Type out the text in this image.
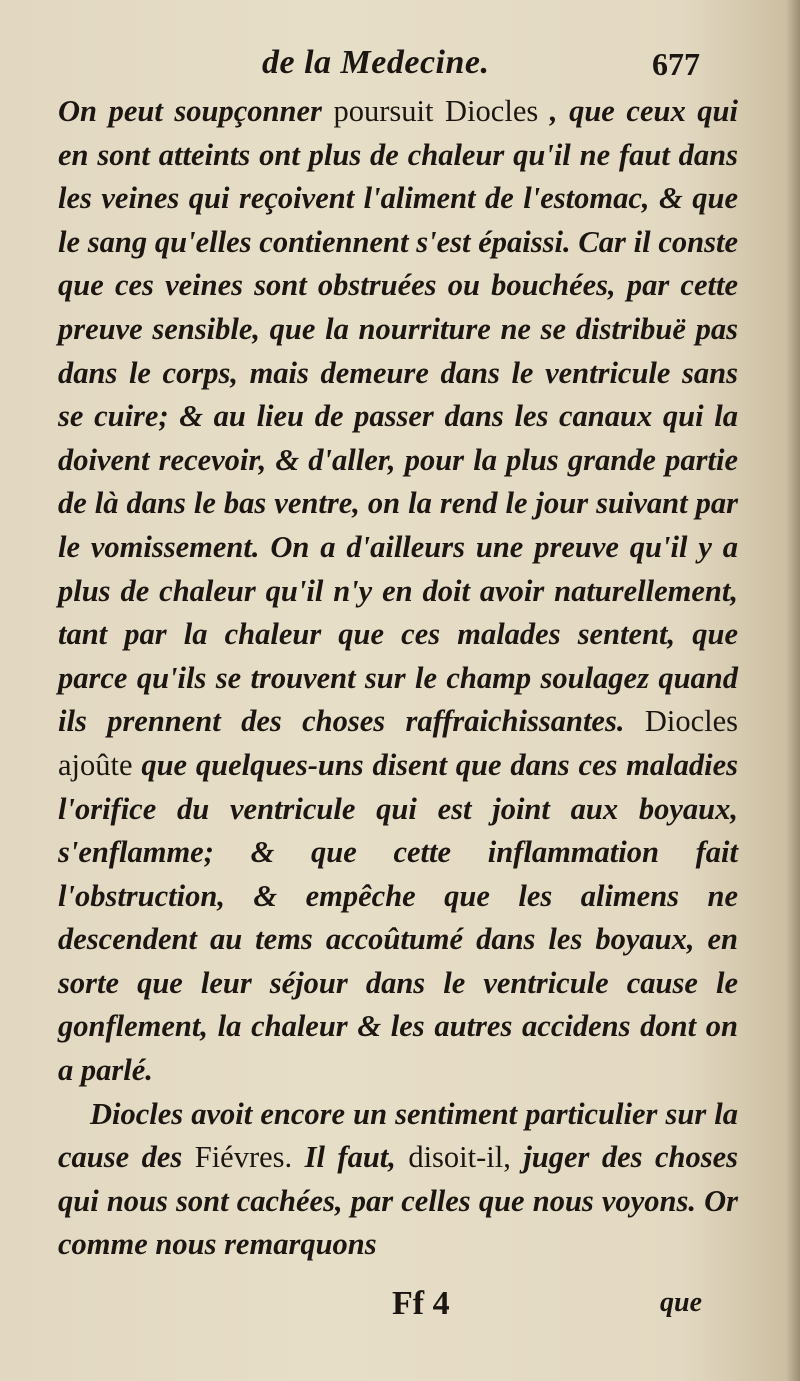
de la Medecine.	677

On peut soupçonner poursuit Diocles , que ceux qui en sont atteints ont plus de chaleur qu'il ne faut dans les veines qui reçoivent l'aliment de l'estomac, & que le sang qu'elles contiennent s'est épaissi. Car il conste que ces veines sont obstruées ou bouchées, par cette preuve sensible, que la nourriture ne se distribuë pas dans le corps, mais demeure dans le ventricule sans se cuire; & au lieu de passer dans les canaux qui la doivent recevoir, & d'aller, pour la plus grande partie de là dans le bas ventre, on la rend le jour suivant par le vomissement. On a d'ailleurs une preuve qu'il y a plus de chaleur qu'il n'y en doit avoir naturellement, tant par la chaleur que ces malades sentent, que parce qu'ils se trouvent sur le champ soulagez quand ils prennent des choses raffraichissantes. Diocles ajoûte que quelques-uns disent que dans ces maladies l'orifice du ventricule qui est joint aux boyaux, s'enflamme; & que cette inflammation fait l'obstruction, & empêche que les alimens ne descendent au tems accoûtumé dans les boyaux, en sorte que leur séjour dans le ventricule cause le gonflement, la chaleur & les autres accidens dont on a parlé.

Diocles avoit encore un sentiment particulier sur la cause des Fiévres. Il faut, disoit-il, juger des choses qui nous sont cachées, par celles que nous voyons. Or comme nous remarquons

Ff 4	que
